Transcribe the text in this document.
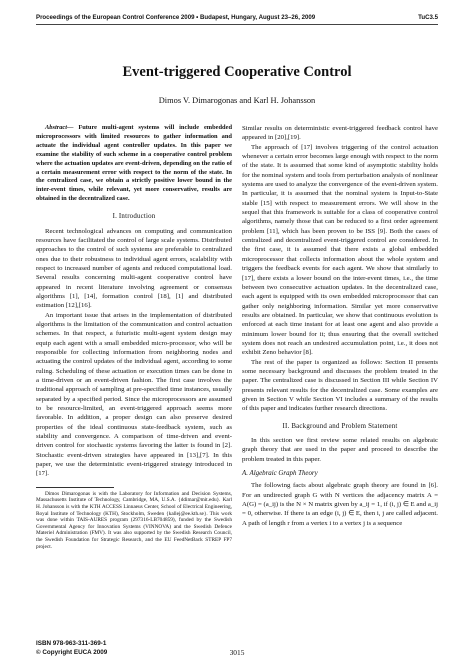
Proceedings of the European Control Conference 2009 • Budapest, Hungary, August 23–26, 2009	TuC3.5
Event-triggered Cooperative Control
Dimos V. Dimarogonas and Karl H. Johansson

Abstract— Future multi-agent systems will include embedded microprocessors with limited resources to gather information and actuate the individual agent controller updates. In this paper we examine the stability of such scheme in a cooperative control problem where the actuation updates are event-driven, depending on the ratio of a certain measurement error with respect to the norm of the state. In the centralized case, we obtain a strictly positive lower bound in the inter-event times, while relevant, yet more conservative, results are obtained in the decentralized case.

I. Introduction

Recent technological advances on computing and communication resources have facilitated the control of large scale systems. Distributed approaches to the control of such systems are preferable to centralized ones due to their robustness to individual agent errors, scalability with respect to increased number of agents and reduced computational load. Several results concerning multi-agent cooperative control have appeared in recent literature involving agreement or consensus algorithms [1], [14], formation control [18], [1] and distributed estimation [12],[16].

An important issue that arises in the implementation of distributed algorithms is the limitation of the communication and control actuation schemes. In that respect, a futuristic multi-agent system design may equip each agent with a small embedded micro-processor, who will be responsible for collecting information from neighboring nodes and actuating the control updates of the individual agent, according to some ruling. Scheduling of these actuation or execution times can be done in a time-driven or an event-driven fashion. The first case involves the traditional approach of sampling at pre-specified time instances, usually separated by a specified period. Since the microprocessors are assumed to be resource-limited, an event-triggered approach seems more favorable. In addition, a proper design can also preserve desired properties of the ideal continuous state-feedback system, such as stability and convergence. A comparison of time-driven and event-driven control for stochastic systems favoring the latter is found in [2]. Stochastic event-driven strategies have appeared in [13],[7]. In this paper, we use the deterministic event-triggered strategy introduced in [17].

Dimos Dimarogonas is with the Laboratory for Information and Decision Systems, Massachusetts Institute of Technology, Cambridge, MA, U.S.A. {ddimar@mit.edu}. Karl H. Johansson is with the KTH ACCESS Linnaeus Center, School of Electrical Engineering, Royal Institute of Technology (KTH), Stockholm, Sweden {kallej@ee.kth.se}. This work was done within TAIS-AURES program (297316-LB704859), funded by the Swedish Governmental Agency for Innovation Systems (VINNOVA) and the Swedish Defence Materiel Administration (FMV). It was also supported by the Swedish Research Council, the Swedish Foundation for Strategic Research, and the EU FeedNetBack STREP FP7 project.

Similar results on deterministic event-triggered feedback control have appeared in [20],[19].

The approach of [17] involves triggering of the control actuation whenever a certain error becomes large enough with respect to the norm of the state. It is assumed that some kind of asymptotic stability holds for the nominal system and tools from perturbation analysis of nonlinear systems are used to analyze the convergence of the event-driven system. In particular, it is assumed that the nominal system is Input-to-State stable [15] with respect to measurement errors. We will show in the sequel that this framework is suitable for a class of cooperative control algorithms, namely those that can be reduced to a first order agreement problem [11], which has been proven to be ISS [9]. Both the cases of centralized and decentralized event-triggered control are considered. In the first case, it is assumed that there exists a global embedded microprocessor that collects information about the whole system and triggers the feedback events for each agent. We show that similarly to [17], there exists a lower bound on the inter-event times, i.e., the time between two consecutive actuation updates. In the decentralized case, each agent is equipped with its own embedded microprocessor that can gather only neighboring information. Similar yet more conservative results are obtained. In particular, we show that continuous evolution is enforced at each time instant for at least one agent and also provide a minimum lower bound for it; thus ensuring that the overall switched system does not reach an undesired accumulation point, i.e., it does not exhibit Zeno behavior [8].

The rest of the paper is organized as follows: Section II presents some necessary background and discusses the problem treated in the paper. The centralized case is discussed in Section III while Section IV presents relevant results for the decentralized case. Some examples are given in Section V while Section VI includes a summary of the results of this paper and indicates further research directions.

II. Background and Problem Statement

In this section we first review some related results on algebraic graph theory that are used in the paper and proceed to describe the problem treated in this paper.

A. Algebraic Graph Theory

The following facts about algebraic graph theory are found in [6]. For an undirected graph G with N vertices the adjacency matrix A = A(G) = (a_ij) is the N × N matrix given by a_ij = 1, if (i, j) ∈ E and a_ij = 0, otherwise. If there is an edge (i, j) ∈ E, then i, j are called adjacent. A path of length r from a vertex i to a vertex j is a sequence

ISBN 978-963-311-369-1
© Copyright EUCA 2009	3015
